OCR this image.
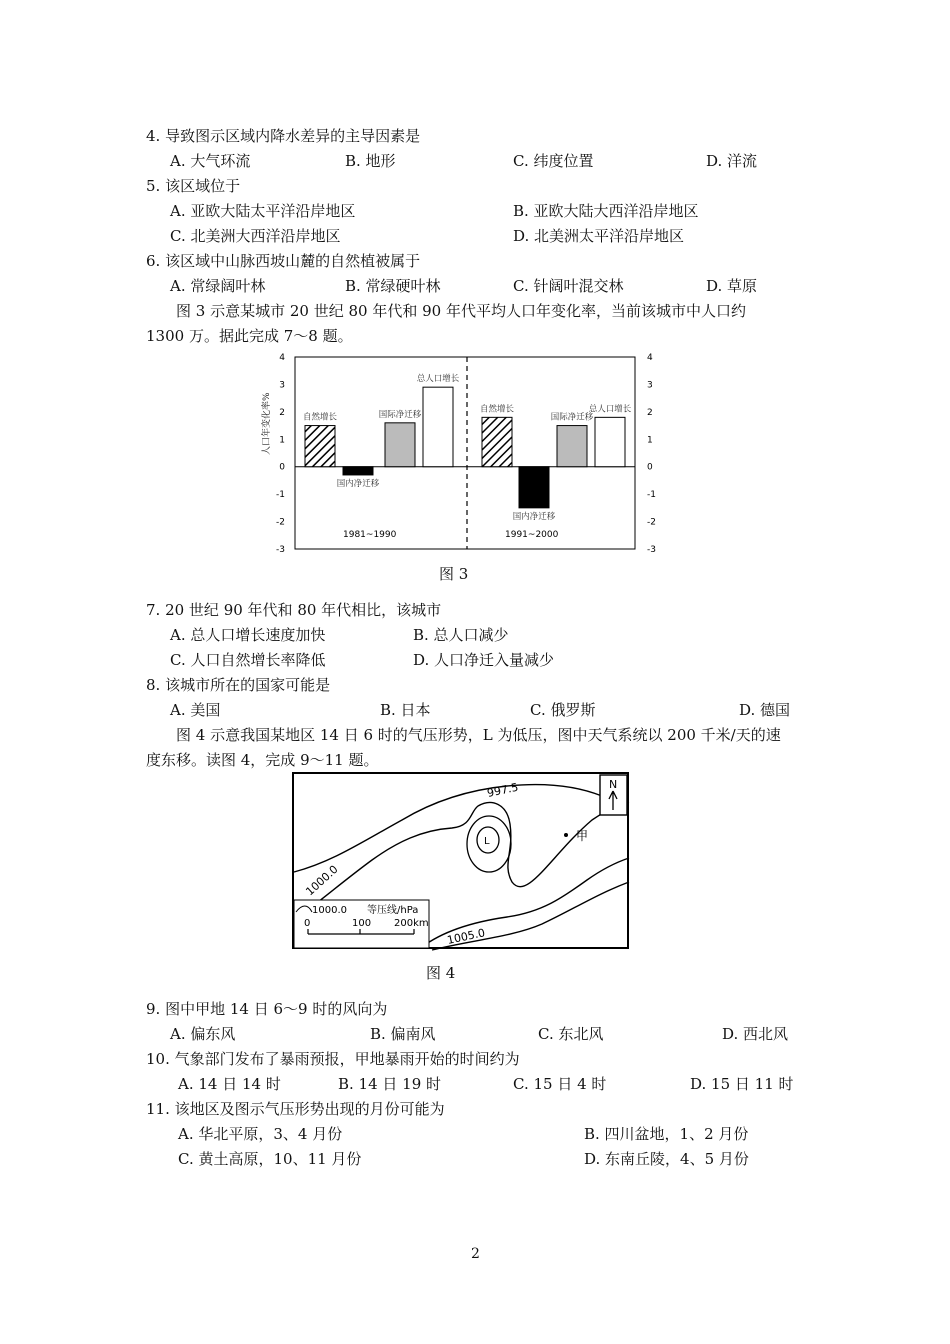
4. 导致图示区域内降水差异的主导因素是
A. 大气环流	B. 地形	C. 纬度位置	D. 洋流
5. 该区域位于
A. 亚欧大陆太平洋沿岸地区	B. 亚欧大陆大西洋沿岸地区
C. 北美洲大西洋沿岸地区	D. 北美洲太平洋沿岸地区
6. 该区域中山脉西坡山麓的自然植被属于
A. 常绿阔叶林	B. 常绿硬叶林	C. 针阔叶混交林	D. 草原
图 3 示意某城市 20 世纪 80 年代和 90 年代平均人口年变化率，当前该城市中人口约
1300 万。据此完成 7～8 题。
4
3
2
1
0
-1
-2
-3
4
3
2
1
0
-1
-2
-3
人口年变化率%	自然增长
国内净迁移
国际净迁移
总人口增长
自然增长
国内净迁移
国际净迁移
总人口增长
1981~1990	1991~2000
图 3
7. 20 世纪 90 年代和 80 年代相比，该城市
A. 总人口增长速度加快	B. 总人口减少
C. 人口自然增长率降低	D. 人口净迁入量减少
8. 该城市所在的国家可能是
A. 美国	B. 日本	C. 俄罗斯	D. 德国
图 4 示意我国某地区 14 日 6 时的气压形势，L 为低压，图中天气系统以 200 千米/天的速
度东移。读图 4，完成 9～11 题。
L	甲
997.5
1000.0
1005.0
N
1000.0 等压线/hPa
0	100 200km
图 4
9. 图中甲地 14 日 6～9 时的风向为
A. 偏东风	B. 偏南风	C. 东北风	D. 西北风
10. 气象部门发布了暴雨预报，甲地暴雨开始的时间约为
A. 14 日 14 时	B. 14 日 19 时	C. 15 日 4 时	D. 15 日 11 时
11. 该地区及图示气压形势出现的月份可能为
A. 华北平原，3、4 月份	B. 四川盆地，1、2 月份
C. 黄土高原，10、11 月份	D. 东南丘陵，4、5 月份
2
